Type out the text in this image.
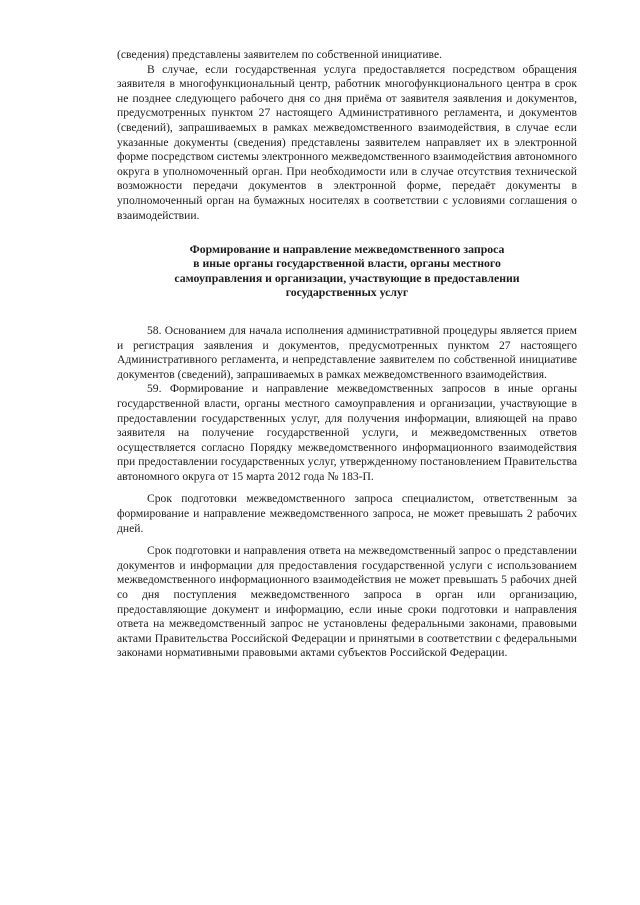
(сведения) представлены заявителем по собственной инициативе.

В случае, если государственная услуга предоставляется посредством обращения заявителя в многофункциональный центр, работник многофункционального центра в срок не позднее следующего рабочего дня со дня приёма от заявителя заявления и документов, предусмотренных пунктом 27 настоящего Административного регламента, и документов (сведений), запрашиваемых в рамках межведомственного взаимодействия, в случае если указанные документы (сведения) представлены заявителем направляет их в электронной форме посредством системы электронного межведомственного взаимодействия автономного округа в уполномоченный орган. При необходимости или в случае отсутствия технической возможности передачи документов в электронной форме, передаёт документы в уполномоченный орган на бумажных носителях в соответствии с условиями соглашения о взаимодействии.

Формирование и направление межведомственного запроса
в иные органы государственной власти, органы местного
самоуправления и организации, участвующие в предоставлении
государственных услуг

58. Основанием для начала исполнения административной процедуры является прием и регистрация заявления и документов, предусмотренных пунктом 27 настоящего Административного регламента, и непредставление заявителем по собственной инициативе документов (сведений), запрашиваемых в рамках межведомственного взаимодействия.

59. Формирование и направление межведомственных запросов в иные органы государственной власти, органы местного самоуправления и организации, участвующие в предоставлении государственных услуг, для получения информации, влияющей на право заявителя на получение государственной услуги, и межведомственных ответов осуществляется согласно Порядку межведомственного информационного взаимодействия при предоставлении государственных услуг, утвержденному постановлением Правительства автономного округа от 15 марта 2012 года № 183-П.

Срок подготовки межведомственного запроса специалистом, ответственным за формирование и направление межведомственного запроса, не может превышать 2 рабочих дней.

Срок подготовки и направления ответа на межведомственный запрос о представлении документов и информации для предоставления государственной услуги с использованием межведомственного информационного взаимодействия не может превышать 5 рабочих дней со дня поступления межведомственного запроса в орган или организацию, предоставляющие документ и информацию, если иные сроки подготовки и направления ответа на межведомственный запрос не установлены федеральными законами, правовыми актами Правительства Российской Федерации и принятыми в соответствии с федеральными законами нормативными правовыми актами субъектов Российской Федерации.
